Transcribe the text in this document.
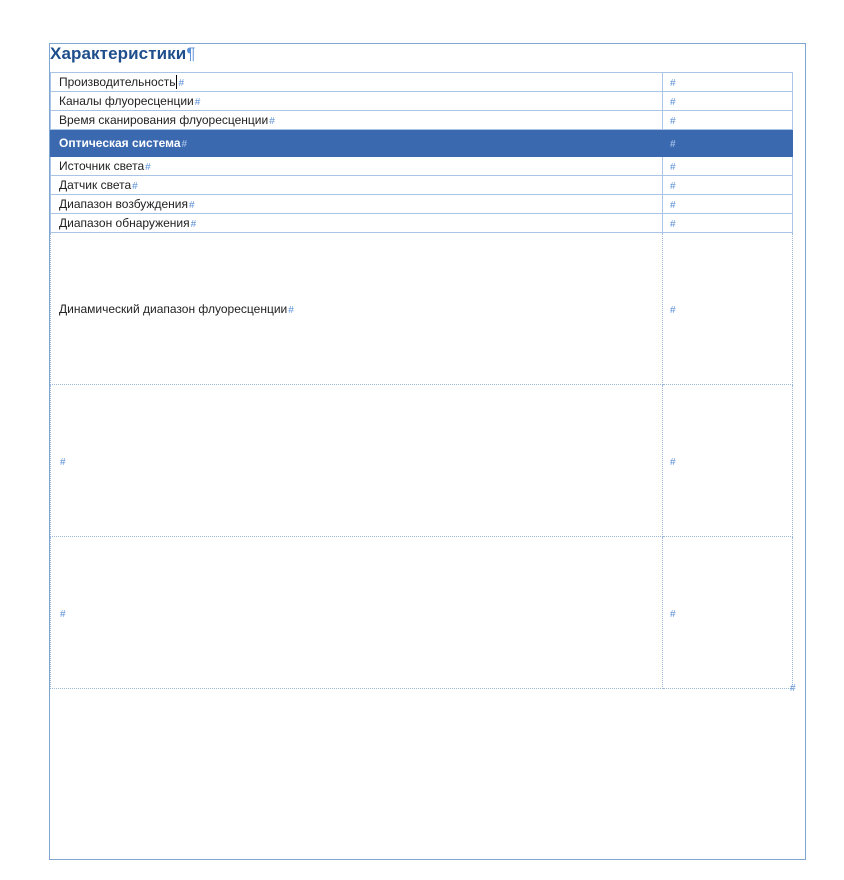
Характеристики¶
Производительность #	#
Каналы флуоресценции#	#
Время сканирования флуоресценции#	#
Оптическая система#	#
Источник света#	#
Датчик света#	#
Диапазон возбуждения#	#
Диапазон обнаружения#	#
Динамический диапазон флуоресценции#	#
#	#
#	#
#
